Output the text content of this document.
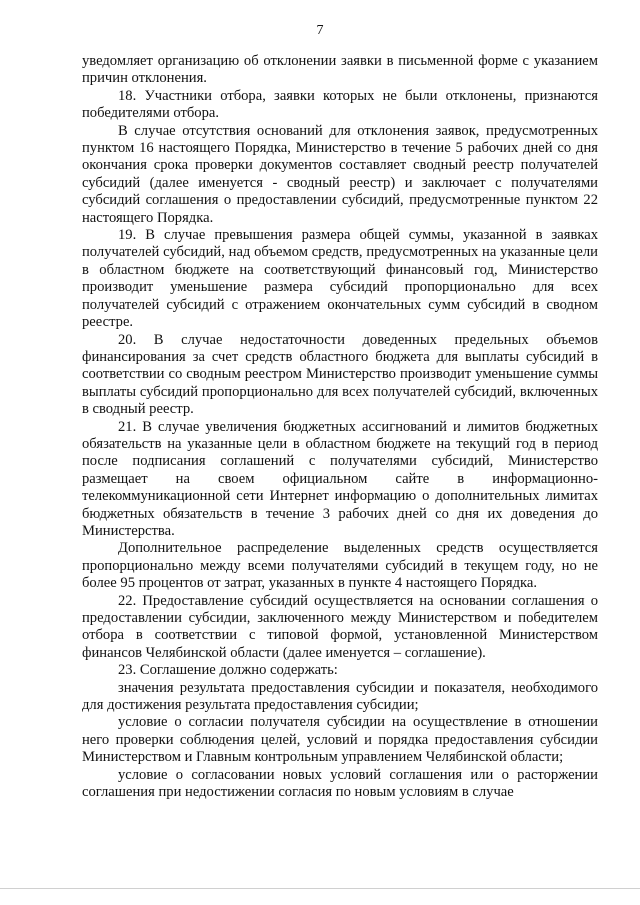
7

уведомляет организацию об отклонении заявки в письменной форме с указанием причин отклонения.

18. Участники отбора, заявки которых не были отклонены, признаются победителями отбора.

В случае отсутствия оснований для отклонения заявок, предусмотренных пунктом 16 настоящего Порядка, Министерство в течение 5 рабочих дней со дня окончания срока проверки документов составляет сводный реестр получателей субсидий (далее именуется - сводный реестр) и заключает с получателями субсидий соглашения о предоставлении субсидий, предусмотренные пунктом 22 настоящего Порядка.

19. В случае превышения размера общей суммы, указанной в заявках получателей субсидий, над объемом средств, предусмотренных на указанные цели в областном бюджете на соответствующий финансовый год, Министерство производит уменьшение размера субсидий пропорционально для всех получателей субсидий с отражением окончательных сумм субсидий в сводном реестре.

20. В случае недостаточности доведенных предельных объемов финансирования за счет средств областного бюджета для выплаты субсидий в соответствии со сводным реестром Министерство производит уменьшение суммы выплаты субсидий пропорционально для всех получателей субсидий, включенных в сводный реестр.

21. В случае увеличения бюджетных ассигнований и лимитов бюджетных обязательств на указанные цели в областном бюджете на текущий год в период после подписания соглашений с получателями субсидий, Министерство размещает на своем официальном сайте в информационно-телекоммуникационной сети Интернет информацию о дополнительных лимитах бюджетных обязательств в течение 3 рабочих дней со дня их доведения до Министерства.

Дополнительное распределение выделенных средств осуществляется пропорционально между всеми получателями субсидий в текущем году, но не более 95 процентов от затрат, указанных в пункте 4 настоящего Порядка.

22. Предоставление субсидий осуществляется на основании соглашения о предоставлении субсидии, заключенного между Министерством и победителем отбора в соответствии с типовой формой, установленной Министерством финансов Челябинской области (далее именуется – соглашение).

23. Соглашение должно содержать:

значения результата предоставления субсидии и показателя, необходимого для достижения результата предоставления субсидии;

условие о согласии получателя субсидии на осуществление в отношении него проверки соблюдения целей, условий и порядка предоставления субсидии Министерством и Главным контрольным управлением Челябинской области;

условие о согласовании новых условий соглашения или о расторжении соглашения при недостижении согласия по новым условиям в случае
